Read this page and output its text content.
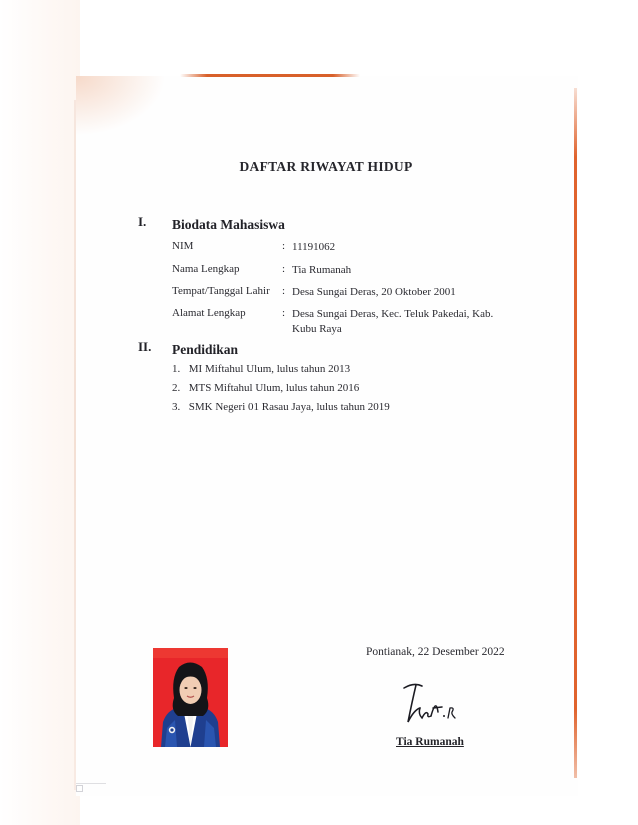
DAFTAR RIWAYAT HIDUP
I. Biodata Mahasiswa
NIM	: 11191062
Nama Lengkap	: Tia Rumanah
Tempat/Tanggal Lahir : Desa Sungai Deras, 20 Oktober 2001
Alamat Lengkap	: Desa Sungai Deras, Kec. Teluk Pakedai, Kab. Kubu Raya
II. Pendidikan
1. MI Miftahul Ulum, lulus tahun 2013
2. MTS Miftahul Ulum, lulus tahun 2016
3. SMK Negeri 01 Rasau Jaya, lulus tahun 2019
Pontianak, 22 Desember 2022
Tia Rumanah
